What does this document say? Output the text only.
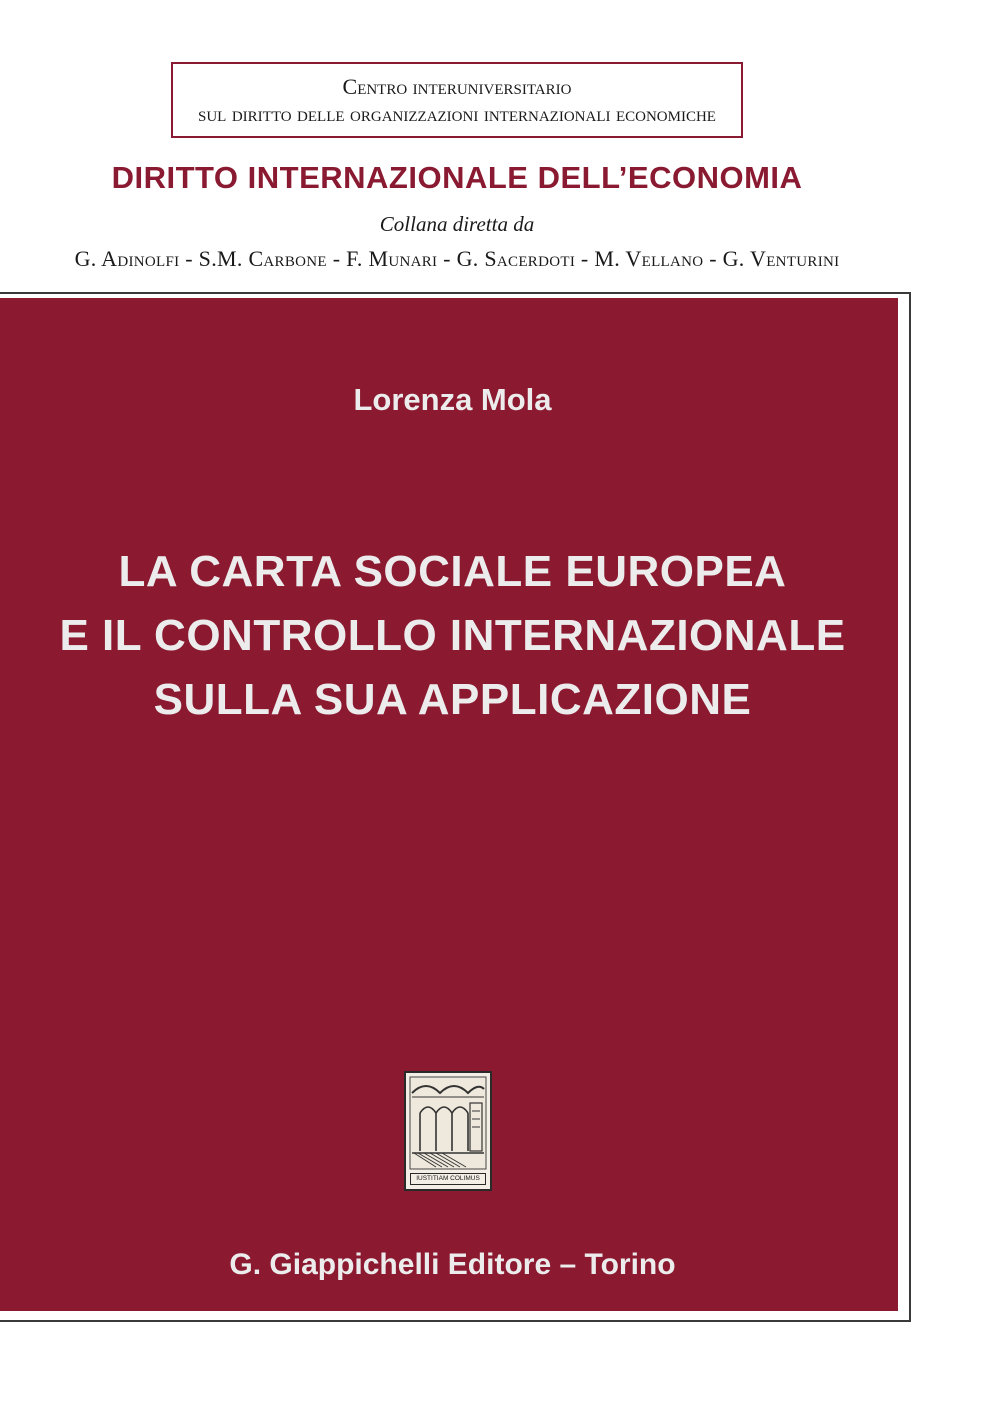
Centro interuniversitario
sul diritto delle organizzazioni internazionali economiche
DIRITTO INTERNAZIONALE DELL’ECONOMIA
Collana diretta da
G. Adinolfi - S.M. Carbone - F. Munari - G. Sacerdoti - M. Vellano - G. Venturini
Lorenza Mola
LA CARTA SOCIALE EUROPEA
E IL CONTROLLO INTERNAZIONALE
SULLA SUA APPLICAZIONE
IUSTITIAM COLIMUS
G. Giappichelli Editore – Torino
